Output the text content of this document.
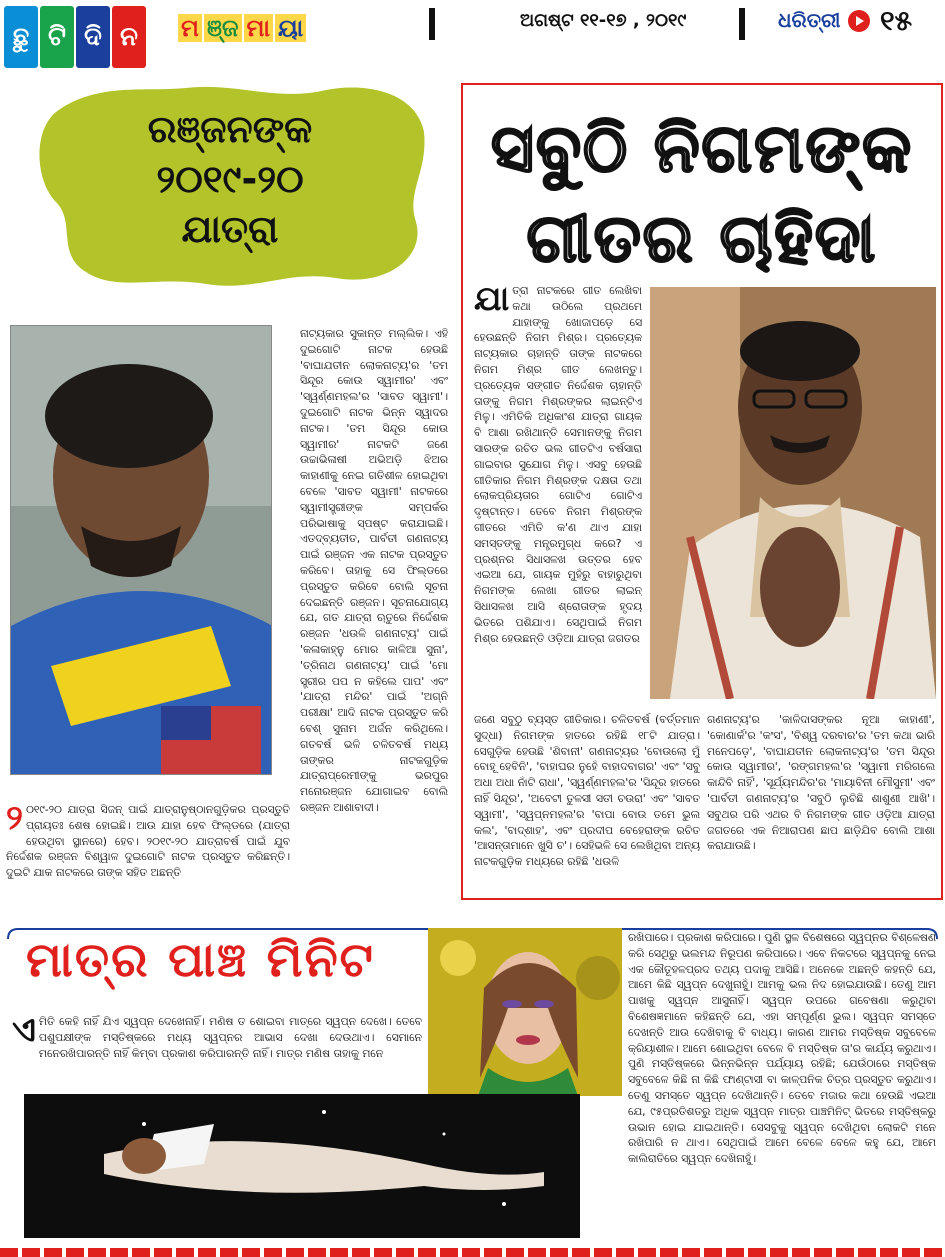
ଛୁ ଟି ଦି ନ	ମ ଞ୍ଜ ମା ୟା	ଅଗଷ୍ଟ ୧୧-୧୭ , ୨୦୧୯	ଧରିତ୍ରୀ ୧୫
ରଞ୍ଜନଙ୍କ
୨୦୧୯-୨୦
ଯାତ୍ରା
ନାଟ୍ୟକାର ସୁକାନ୍ତ ମଲ୍ଲିକ। ଏହି ଦୁଇଗୋଟି ନାଟକ ହେଉଛି 'ବାଘାଯତୀନ ଲୋକନାଟ୍ୟ'ର 'ତମ ସିନ୍ଦୂର କୋଉ ସ୍ୱାମୀର' ଏବଂ 'ସ୍ୱର୍ଣ୍ଣମହଲ'ର 'ସାବତ ସ୍ୱାମୀ'। ଦୁଇଗୋଟି ନାଟକ ଭିନ୍ନ ସ୍ୱାଦର ନାଟକ। 'ତମ ସିନ୍ଦୂର କୋଉ ସ୍ୱାମୀର' ନାଟକଟି ଜଣେ ଉଚ୍ଚାଭିଳାଷୀ ଅଭିଅଡ଼ି ଝିଅର କାହାଣୀକୁ ନେଇ ଗତିଶୀଳ ହୋଇଥିବା ବେଳେ 'ସାବତ ସ୍ୱାମୀ' ନାଟକରେ ସ୍ୱାମୀସ୍ତ୍ରୀଙ୍କ ସମ୍ପର୍କର ପରିଭାଷାକୁ ସ୍ପଷ୍ଟ କରାଯାଇଛି। ଏତଦ୍‌ବ୍ୟତୀତ, ପାର୍ବତୀ ଗଣନାଟ୍ୟ ପାଇଁ ରଞ୍ଜନ ଏକ ନାଟକ ପ୍ରସ୍ତୁତ କରିବେ। ତାହାକୁ ସେ ଫିଲ୍ଡରେ ପ୍ରସ୍ତୁତ କରିବେ ବୋଲି ସୂଚନା ଦେଇଛନ୍ତି ରଞ୍ଜନ। ସୂଚନାଯୋଗ୍ୟ ଯେ, ଗତ ଯାତ୍ରା ଋତୁରେ ନିର୍ଦ୍ଦେଶକ ରଞ୍ଜନ 'ଧଉଳି ଗଣନାଟ୍ୟ' ପାଇଁ 'କଳାକାହ୍ନୁ ମୋର କାଳିଆ ସୁନା', 'ତ୍ରିନାଥ ଗଣନାଟ୍ୟ' ପାଇଁ 'ମୋ ସ୍ତ୍ରୀର ପପ ନ କହିଲେ ପାପ' ଏବଂ 'ଯାତ୍ରା ମନ୍ଦିର' ପାଇଁ 'ଅଗ୍ନି ପରୀକ୍ଷା' ଆଦି ନାଟକ ପ୍ରସ୍ତୁତ କରି ବେଶ୍ ସୁନାମ ଅର୍ଜନ କରିଥିଲେ। ଗତବର୍ଷ ଭଳି ଚଳିତବର୍ଷ ମଧ୍ୟ ତାଙ୍କର ନାଟକଗୁଡ଼ିକ ଯାତ୍ରାପ୍ରେମୀଙ୍କୁ ଭରପୁର ମନୋରଞ୍ଜନ ଯୋଗାଇବ ବୋଲି ରଞ୍ଜନ ଆଶାବାଦୀ।
୨ ୦୧୯-୨୦ ଯାତ୍ରା ସିଜନ୍ ପାଇଁ ଯାତ୍ରାନୁଷ୍ଠାନଗୁଡ଼ିକର ପ୍ରସ୍ତୁତି ପ୍ରାୟତଃ ଶେଷ ହୋଇଛି। ଆଉ ଯାହା ହେବ ଫିଲ୍ଡରେ (ଯାତ୍ରା ହେଉଥିବା ସ୍ଥାନରେ) ହେବ। ୨୦୧୯-୨୦ ଯାତ୍ରାବର୍ଷ ପାଇଁ ଯୁବ ନିର୍ଦ୍ଦେଶକ ରଞ୍ଜନ ବିଶ୍ୱାଳ ଦୁଇଗୋଟି ନାଟକ ପ୍ରସ୍ତୁତ କରିଛନ୍ତି। ଦୁଇଟି ଯାକ ନାଟକରେ ତାଙ୍କ ସହିତ ଅଛନ୍ତି
ସବୁଠି ନିଗମଙ୍କ
ଗୀତର ଚାହିଦା
ଯା ତ୍ରା ନାଟକରେ ଗୀତ ଲେଖିବା କଥା ଉଠିଲେ ପ୍ରଥମେ ଯାହାଙ୍କୁ ଖୋଜାପଡ଼େ ସେ ହେଉଛନ୍ତି ନିଗମ ମିଶ୍ର। ପ୍ରତ୍ୟେକ ନାଟ୍ୟକାର ଚାହାନ୍ତି ତାଙ୍କ ନାଟକରେ ନିଗମ ମିଶ୍ର ଗୀତ ଲେଖନ୍ତୁ। ପ୍ରତ୍ୟେକ ସଙ୍ଗୀତ ନିର୍ଦ୍ଦେଶକ ଚାହାନ୍ତି ତାଙ୍କୁ ନିଗମ ମିଶ୍ରଙ୍କର ଲାଇନ୍‌ଟିଏ ମିଳୁ। ଏମିତିକି ଅଧିକାଂଶ ଯାତ୍ରା ଗାୟକ ବି ଆଶା ରଖିଥାନ୍ତି ସେମାନଙ୍କୁ ନିଗମ ସାରଙ୍କ ରଚିତ ଭଲ ଗୀତଟିଏ ବର୍ଷସାରା ଗାଇବାର ସୁଯୋଗ ମିଳୁ। ଏସବୁ ହେଉଛି ଗୀତିକାର ନିଗମ ମିଶ୍ରଙ୍କ ଦକ୍ଷତା ତଥା ଲୋକପ୍ରିୟତାର ଗୋଟିଏ ଗୋଟିଏ ଦୃଷ୍ଟାନ୍ତ। ତେବେ ନିଗମ ମିଶ୍ରଙ୍କ ଗୀତରେ ଏମିତି କ'ଣ ଥାଏ ଯାହା ସମସ୍ତଙ୍କୁ ମନ୍ତ୍ରମୁଗ୍ଧ କରେ? ଏ ପ୍ରଶ୍ନର ସିଧାସଳଖ ଉତ୍ତର ହେବ ଏଇଆ ଯେ, ଗାୟକ ମୁହଁରୁ ବାହାରୁଥିବା ନିଗମଙ୍କ ଲେଖା ଗୀତର ଲାଇନ୍ ସିଧାସଳଖ ଆସି ଶ୍ରୋତାଙ୍କ ହୃଦୟ ଭିତରେ ପଶିଯାଏ। ସେଥିପାଇଁ ନିଗମ ମିଶ୍ର ହେଉଛନ୍ତି ଓଡ଼ିଆ ଯାତ୍ରା ଜଗତର
ଜଣେ ସବୁଠୁ ବ୍ୟସ୍ତ ଗୀତିକାର। ଚଳିତବର୍ଷ (ବର୍ତ୍ତମାନ ସୁଦ୍ଧା) ନିଗମଙ୍କ ହାତରେ ରହିଛି ୧୮ଟି ଯାତ୍ରା। ସେଗୁଡ଼ିକ ହେଉଛି 'ଶିବାନୀ' ଗଣନାଟ୍ୟର 'ବୋଉଲୋ ମୁଁ ବୋହୂ ହେବିନି', 'ବାହାଘର ନୁହେଁ ବାହାଦବାଗର' ଏବଂ 'ସବୁ ଅଧା ଅଧା ନାଁଟି ରାଧା', 'ସ୍ୱର୍ଣ୍ଣମହଲ'ର 'ସିନ୍ଦୂର ହାତରେ ନାହିଁ ସିନ୍ଦୂର', 'ଅବେଟୀ ତୁଳସୀ ସତୀ ଚଉରା' ଏବଂ 'ସାବତ ସ୍ୱାମୀ', 'ସ୍ୱପ୍ନମହଲ'ର 'ବାପା ବୋଉ ତମେ ଭୁଲ କଲ', 'ବାଦ୍‌ଶାହ', ଏବଂ ପ୍ରଦୀପ ବେହେରାଙ୍କ ରଚିତ 'ଆସନ୍ତାମାନେ ଖୁସି ଚ'। ସେହିଭଳି ସେ ଲେଖିଥିବା ଅନ୍ୟ ନାଟକଗୁଡ଼ିକ ମଧ୍ୟରେ ରହିଛି 'ଧଉଳି
ଗଣନାଟ୍ୟ'ର 'କାଳିଦାସଙ୍କର ନୂଆ କାହାଣୀ', 'କୋଣାର୍କ'ର 'କଂସ', 'ବିଶ୍ୱ ଦରବାର'ର 'ତମ କଥା ଭାରି ମନେପଡ଼େ', 'ବାଘାଯତୀନ ଲୋକନାଟ୍ୟ'ର 'ତମ ସିନ୍ଦୂର କୋଉ ସ୍ୱାମୀର', 'ରଙ୍ଗମହଲ'ର 'ସ୍ୱାମୀ ମରିଗଲେ କାନ୍ଦିବି ନାହିଁ', 'ସୂର୍ଯ୍ୟମନ୍ଦିର'ର 'ମାୟାବିନୀ ମୌସୁମୀ' ଏବଂ 'ପାର୍ବତୀ ଗଣନାଟ୍ୟ'ର 'ସବୁଠି ଲୁଚିଛି ଶାଶୁଣୀ ଆଖି'। ସବୁଥର ପରି ଏଥର ବି ନିଗମଙ୍କ ଗୀତ ଓଡ଼ିଆ ଯାତ୍ରା ଜଗତରେ ଏକ ନିଆରାପଣ ଛାପ ଛାଡ଼ିଯିବ ବୋଲି ଆଶା କରାଯାଉଛି।
ମାତ୍ର ପାଞ୍ଚ ମିନିଟ
ଏ ମିତି କେହି ନାହିଁ ଯିଏ ସ୍ୱପ୍ନ ଦେଖେନାହିଁ। ମଣିଷ ତ ଶୋଇବା ମାତ୍ରେ ସ୍ୱପ୍ନ ଦେଖେ। ତେବେ ପଶୁପକ୍ଷୀଙ୍କ ମସ୍ତିଷ୍କରେ ମଧ୍ୟ ସ୍ୱପ୍ନର ଆଭାସ ଦେଖା ଦେଉଥାଏ। ସେମାନେ ମନେରଖିପାରନ୍ତି ନାହିଁ କିମ୍ବା ପ୍ରକାଶ କରିପାରନ୍ତି ନାହିଁ। ମାତ୍ର ମଣିଷ ତାହାକୁ ମନେ
ରଖିପାରେ। ପ୍ରକାଶ କରିପାରେ। ପୁଣି ସ୍ଥଳ ବିଶେଷରେ ସ୍ୱପ୍ନର ବିଶ୍ଳେଷଣ କରି ସେଥିରୁ ଭଲମନ୍ଦ ନିରୂପଣ କରିପାରେ। ଏବେ ନିକଟରେ ସ୍ୱପ୍ନକୁ ନେଇ ଏକ କୌତୂହଳପ୍ରଦ ତଥ୍ୟ ପଦାକୁ ଆସିଛି। ଅନେକେ ଅଛନ୍ତି କହନ୍ତି ଯେ, ଆମେ କିଛି ସ୍ୱପ୍ନ ଦେଖୁନାହୁଁ। ଆମକୁ ଭଲ ନିଦ ହୋଇଯାଉଛି। ତେଣୁ ଆମ ପାଖକୁ ସ୍ୱପ୍ନ ଆସୁନାହିଁ। ସ୍ୱପ୍ନ ଉପରେ ଗବେଷଣା କରୁଥିବା ବିଶେଷଜ୍ଞମାନେ କହିଛନ୍ତି ଯେ, ଏହା ସମ୍ପୂର୍ଣ୍ଣ ଭୁଲ। ସ୍ୱପ୍ନ ସମସ୍ତେ ଦେଖନ୍ତି ଆଉ ଦେଖିବାକୁ ବି ବାଧ୍ୟ। କାରଣ ଆମର ମସ୍ତିଷ୍କ ସବୁବେଳେ କ୍ରିୟାଶୀଳ। ଆମେ ଶୋଇଥିବା ବେଳେ ବି ମସ୍ତିଷ୍କ ତା'ର କାର୍ଯ୍ୟ କରୁଥାଏ। ପୁଣି ମସ୍ତିଷ୍କରେ ଭିନ୍ନଭିନ୍ନ ପର୍ଯ୍ୟାୟ ରହିଛି; ଯେଉଁଠାରେ ମସ୍ତିଷ୍କ ସବୁବେଳେ କିଛି ନା କିଛି ଫାଣ୍ଟାସୀ ବା କାଳ୍ପନିକ ଚିତ୍ର ପ୍ରସ୍ତୁତ କରୁଥାଏ। ତେଣୁ ସମସ୍ତେ ସ୍ୱପ୍ନ ଦେଖିଥାନ୍ତି। ତେବେ ମଜାର କଥା ହେଉଛି ଏଇଆ ଯେ, ୯୫ପ୍ରତିଶତରୁ ଅଧିକ ସ୍ୱପ୍ନ ମାତ୍ର ପାଞ୍ଚମିନିଟ୍ ଭିତରେ ମସ୍ତିଷ୍କରୁ ଉଭାନ ହୋଇ ଯାଇଥାନ୍ତି। ସେସବୁକୁ ସ୍ୱପ୍ନ ଦେଖିଥିବା ଲୋକଟି ମନେ ରଖିପାରି ନ ଥାଏ। ସେଥିପାଇଁ ଆମେ ବେଳେ ବେଳେ କହୁ ଯେ, ଆମେ କାଲିରାତିରେ ସ୍ୱପ୍ନ ଦେଖିନାହୁଁ।
